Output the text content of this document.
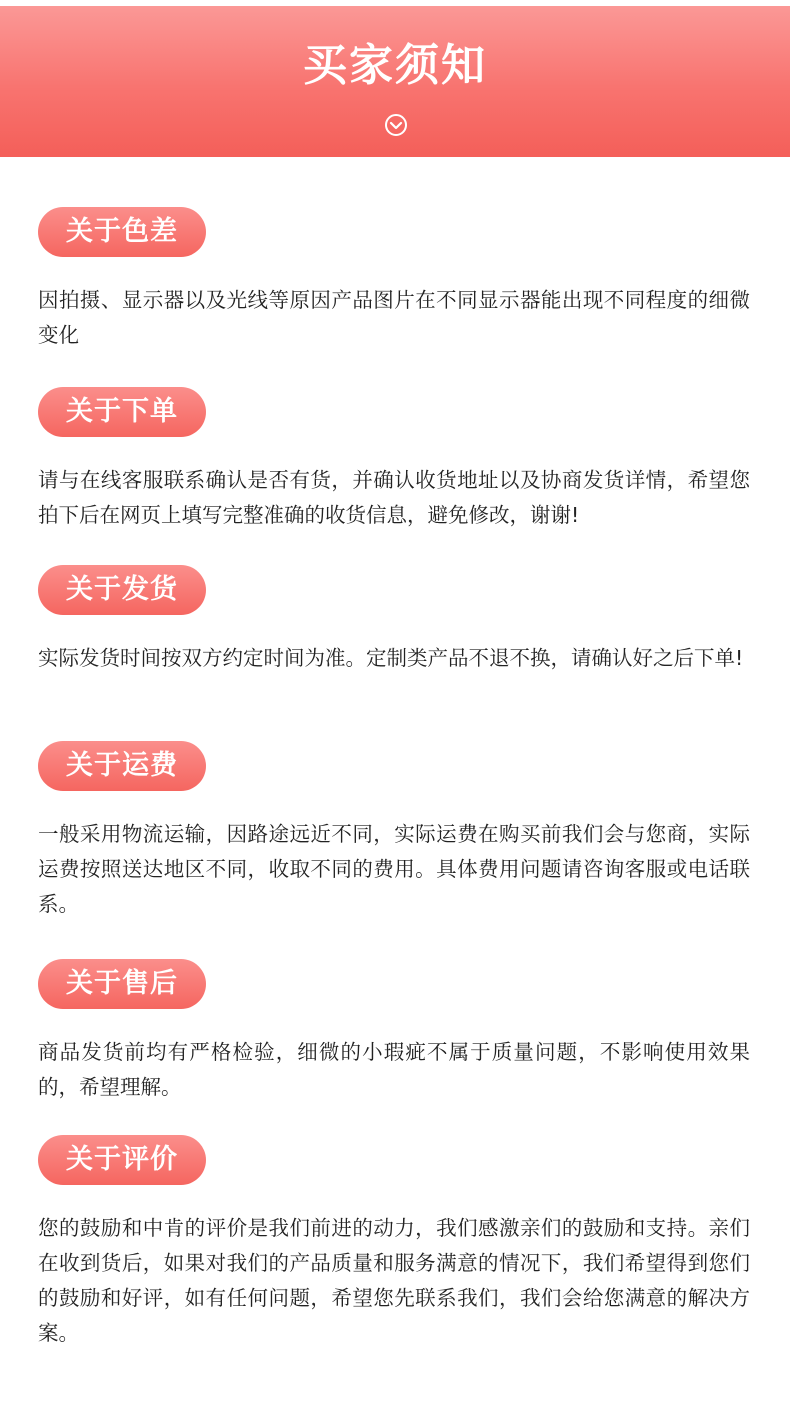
买家须知
关于色差

因拍摄、显示器以及光线等原因产品图片在不同显示器能出现不同程度的细微变化

关于下单

请与在线客服联系确认是否有货，并确认收货地址以及协商发货详情，希望您拍下后在网页上填写完整准确的收货信息，避免修改，谢谢!

关于发货

实际发货时间按双方约定时间为准。定制类产品不退不换，请确认好之后下单!

关于运费

一般采用物流运输，因路途远近不同，实际运费在购买前我们会与您商，实际运费按照送达地区不同，收取不同的费用。具体费用问题请咨询客服或电话联系。

关于售后

商品发货前均有严格检验，细微的小瑕疵不属于质量问题，不影响使用效果的，希望理解。

关于评价

您的鼓励和中肯的评价是我们前进的动力，我们感激亲们的鼓励和支持。亲们在收到货后，如果对我们的产品质量和服务满意的情况下，我们希望得到您们的鼓励和好评，如有任何问题，希望您先联系我们，我们会给您满意的解决方案。
